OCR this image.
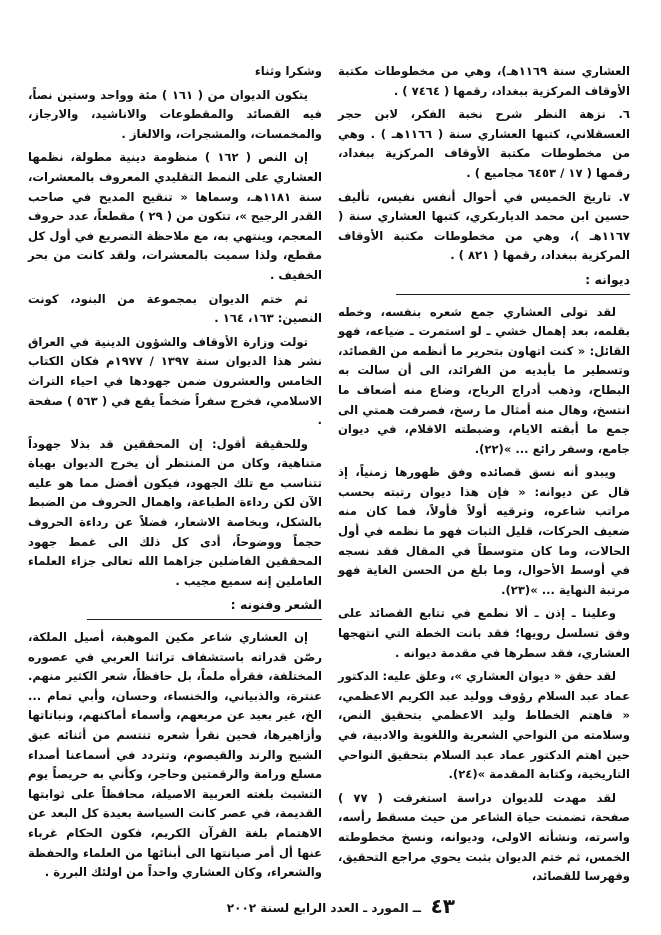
العشاري سنة ١١٦٩هـ)، وهي من مخطوطات مكتبة الأوقاف المركزية ببغداد، رقمها ( ٧٤٦٤ ) .

٦. نزهة النظر شرح نخبة الفكر، لابن حجر العسقلاني، كتبها العشاري سنة ( ١١٦٦هـ ) . وهي من مخطوطات مكتبة الأوقاف المركزية ببغداد، رقمها ( ١٧ / ٦٤٥٣ مجاميع ) .

٧. تاريخ الخميس في أحوال أنفس نفيس، تأليف حسين ابن محمد الدياربكري، كتبها العشاري سنة ( ١١٦٧هـ )، وهي من مخطوطات مكتبة الأوقاف المركزية ببغداد، رقمها ( ٨٢١ ) .

ديوانه :

لقد تولى العشاري جمع شعره بنفسه، وخطه بقلمه، بعد إهمال خشي ـ لو استمرت ـ ضياعه، فهو القائل: « كنت اتهاون بتحرير ما أنظمه من القصائد، وتسطير ما بأيديه من الفرائد، الى أن سالت به البطاح، وذهب أدراج الرياح، وضاع منه أضعاف ما انتسخ، وهال منه أمثال ما رسخ، فصرفت همتي الى جمع ما أبقته الايام، وضبطته الاقلام، في ديوان جامع، وسفر رائع ... »(٢٢).

ويبدو أنه نسق قصائده وفق ظهورها زمنياً، إذ قال عن ديوانه: « فإن هذا ديوان رتبته بحسب مراتب شاعره، وترقيه أولاً فأولاً، فما كان منه ضعيف الحركات، قليل الثبات فهو ما نظمه في أول الحالات، وما كان متوسطاً في المقال فقد نسجه في أوسط الأحوال، وما بلغ من الحسن الغاية فهو مرتبة النهاية ... »(٢٣).

وعلينا ـ إذن ـ ألا نطمع في تتابع القصائد على وفق تسلسل رويها؛ فقد بانت الخطة التي انتهجها العشاري، فقد سطرها في مقدمة ديوانه .

لقد حقق « ديوان العشاري »، وعلق عليه: الدكتور عماد عبد السلام رؤوف ووليد عبد الكريم الاعظمي، « فاهتم الخطاط وليد الاعظمي بتحقيق النص، وسلامته من النواحي الشعرية واللغوية والادبية، في حين اهتم الدكتور عماد عبد السلام بتحقيق النواحي التاريخية، وكتابة المقدمة »(٢٤).

لقد مهدت للديوان دراسة استغرقت ( ٧٧ ) صفحة، تضمنت حياة الشاعر من حيث مسقط رأسه، واسرته، ونشأته الاولى، وديوانه، ونسخ مخطوطته الخمس، ثم ختم الديوان بثبت يحوي مراجع التحقيق، وفهرسا للقصائد،

وشكرا وثناء

يتكون الديوان من ( ١٦١ ) مئة وواحد وستين نصاً، فيه القصائد والمقطوعات والاناشيد، والارجاز، والمخمسات، والمشجرات، والالغاز .

إن النص ( ١٦٢ ) منظومة دينية مطولة، نظمها العشاري على النمط التقليدي المعروف بالمعشرات، سنة ١١٨١هـ، وسماها « تنقيح المديح في صاحب القدر الرجيح »، تتكون من ( ٢٩ ) مقطعاً، عدد حروف المعجم، وينتهي به، مع ملاحظة التصريع في أول كل مقطع، ولذا سميت بالمعشرات، ولقد كانت من بحر الخفيف .

ثم ختم الديوان بمجموعة من البنود، كونت النصين: ١٦٣، ١٦٤ .

تولت وزارة الأوقاف والشؤون الدينية في العراق نشر هذا الديوان سنة ١٣٩٧ / ١٩٧٧م فكان الكتاب الخامس والعشرون ضمن جهودها في احياء التراث الاسلامي، فخرج سفراً ضخماً يقع في ( ٥٦٣ ) صفحة .

وللحقيقة أقول: إن المحققين قد بذلا جهوداً متناهية، وكان من المنتظر أن يخرج الديوان بهياة تتناسب مع تلك الجهود، فيكون أفضل مما هو عليه الآن لكن رداءة الطباعة، واهمال الحروف من الضبط بالشكل، وبخاصة الاشعار، فضلاً عن رداءة الحروف حجماً ووضوحاً، أدى كل ذلك الى غمط جهود المحققين الفاضلين جزاهما الله تعالى جزاء العلماء العاملين إنه سميع مجيب .

الشعر وفنونه :

إن العشاري شاعر مكين الموهبة، أصيل الملكة، رصّن قدراته باستشفاف تراثنا العربي في عصوره المختلفة، فقرأه ملماً، بل حافظاً، شعر الكثير منهم. عنترة، والذبياني، والخنساء، وحسان، وأبي تمام ... الخ، غير بعيد عن مربعهم، وأسماء أماكنهم، ونباتاتها وأزاهيرها، فحين نقرأ شعره تنتسم من أثنائه عبق الشيح والرند والقيصوم، وتتردد في أسماعنا أصداء مسلع ورامة والرقمتين وحاجر، وكأني به حريصاً يوم التشبث بلغته العربية الاصيلة، محافظاً على ثوابتها القديمة، في عصر كانت السياسة بعيدة كل البعد عن الاهتمام بلغة القرآن الكريم، فكون الحكام غرباء عنها أل أمر صيانتها الى أبنائها من العلماء والحفظة والشعراء، وكان العشاري واحداً من اولئك البررة .

٤٣
ــ المورد ـ العدد الرابع لسنة ٢٠٠٢
